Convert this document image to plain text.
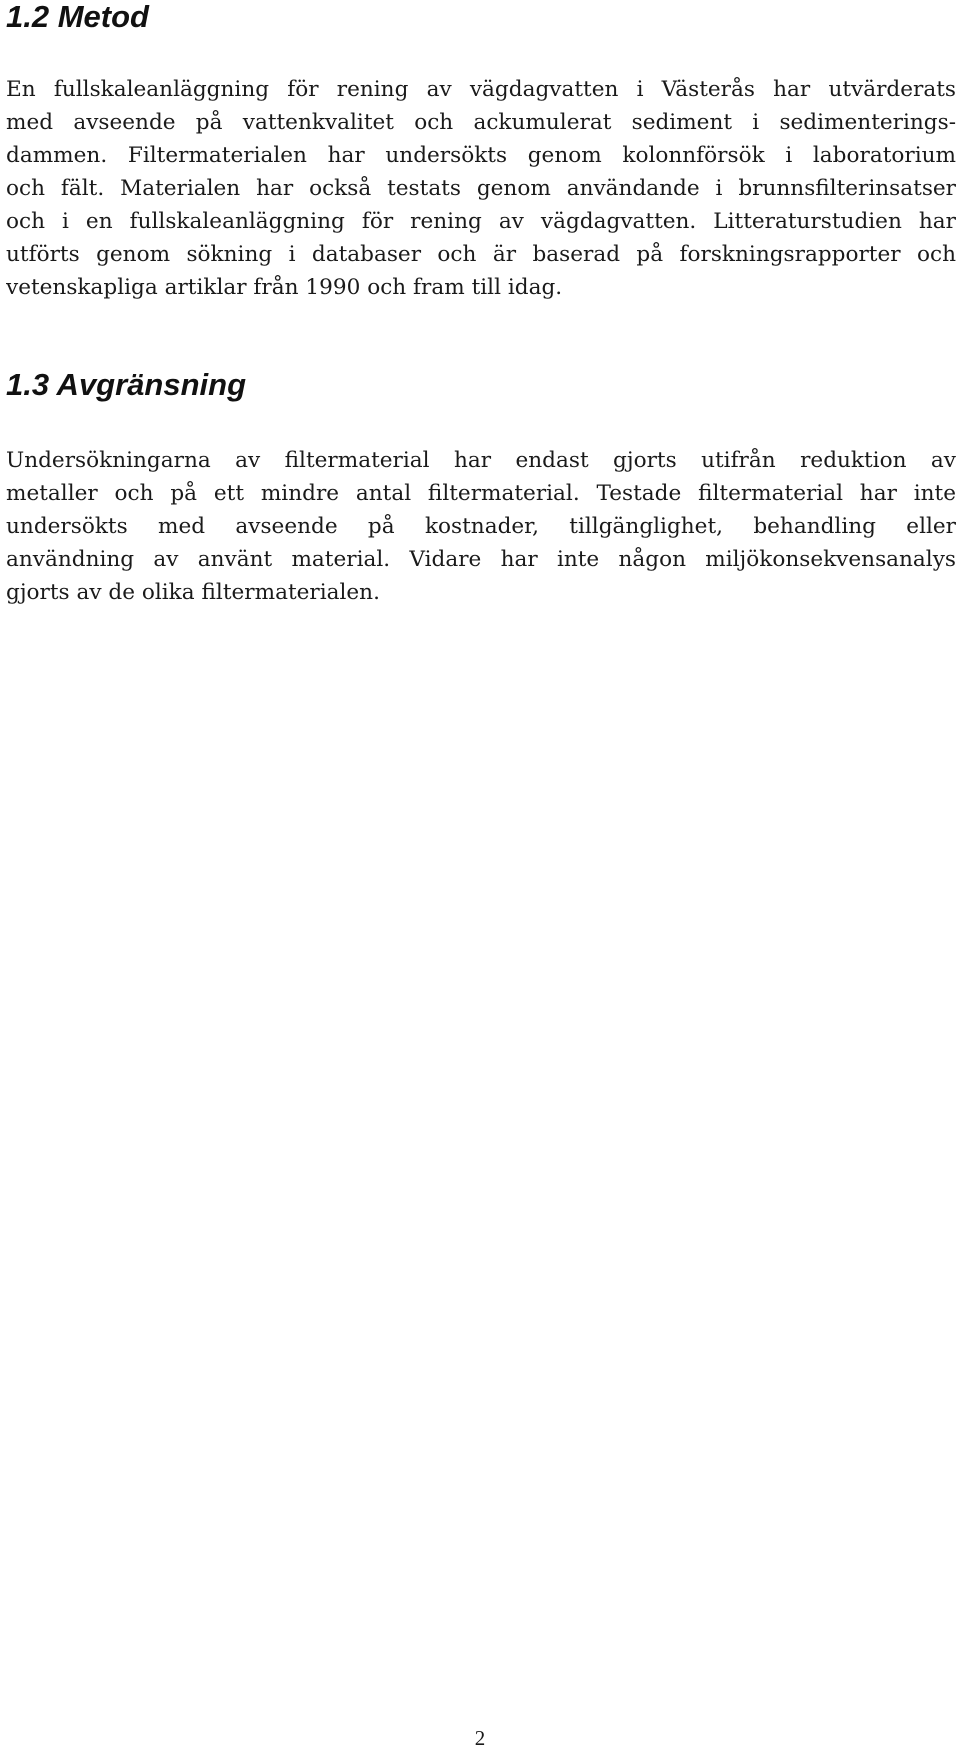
1.2 Metod
En fullskaleanläggning för rening av vägdagvatten i Västerås har utvärderats
med avseende på vattenkvalitet och ackumulerat sediment i sedimenterings-
dammen. Filtermaterialen har undersökts genom kolonnförsök i laboratorium
och fält. Materialen har också testats genom användande i brunnsfilterinsatser
och i en fullskaleanläggning för rening av vägdagvatten. Litteraturstudien har
utförts genom sökning i databaser och är baserad på forskningsrapporter och
vetenskapliga artiklar från 1990 och fram till idag.
1.3 Avgränsning
Undersökningarna av filtermaterial har endast gjorts utifrån reduktion av
metaller och på ett mindre antal filtermaterial. Testade filtermaterial har inte
undersökts med avseende på kostnader, tillgänglighet, behandling eller
användning av använt material. Vidare har inte någon miljökonsekvensanalys
gjorts av de olika filtermaterialen.

2
